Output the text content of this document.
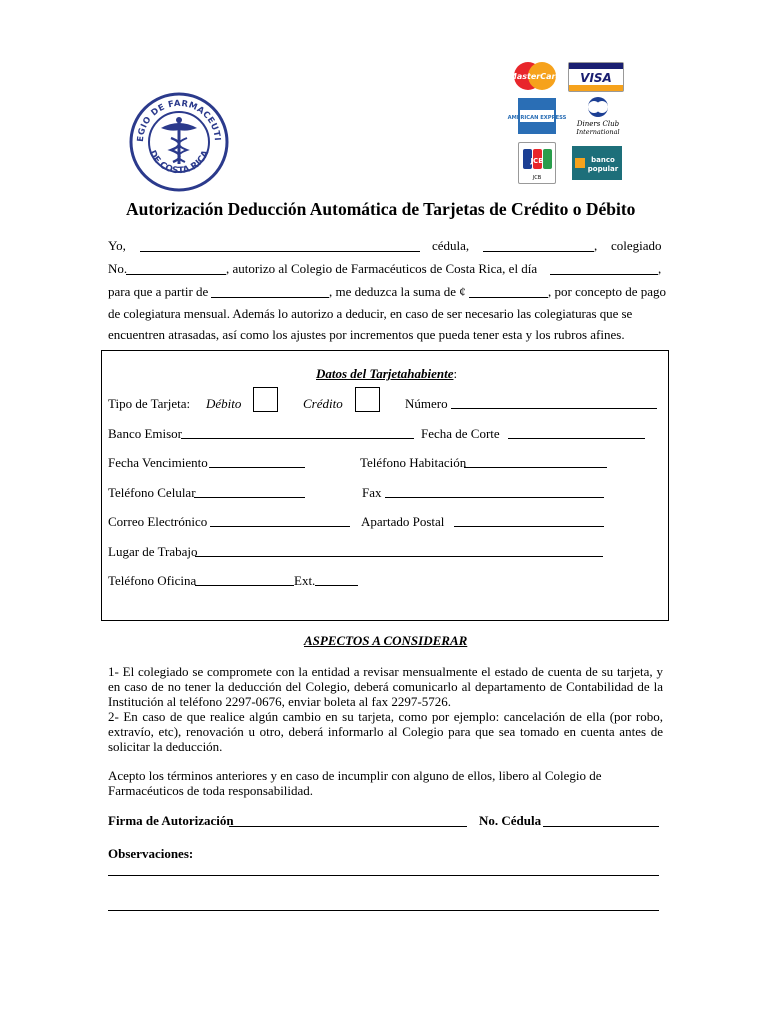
EGIO DE FARMACEUTI
DE COSTA RICA
MasterCard VISA
AMERICAN EXPRESS
Diners Club
International
JCB
JCB
banco
popular
Autorización Deducción Automática de Tarjetas de Crédito o Débito
Yo,	cédula,	, colegiado
No.	, autorizo al Colegio de Farmacéuticos de Costa Rica, el día	,
para que a partir de	, me deduzca la suma de ¢	, por concepto de pago
de colegiatura mensual. Además lo autorizo a deducir, en caso de ser necesario las colegiaturas que se
encuentren atrasadas, así como los ajustes por incrementos que pueda tener esta y los rubros afines.
Datos del Tarjetahabiente:
Tipo de Tarjeta: Débito	Crédito	Número
Banco Emisor	Fecha de Corte
Fecha Vencimiento	Teléfono Habitación
Teléfono Celular	Fax
Correo Electrónico	Apartado Postal
Lugar de Trabajo
Teléfono Oficina	Ext.
ASPECTOS A CONSIDERAR
1- El colegiado se compromete con la entidad a revisar mensualmente el estado de cuenta de su tarjeta, y en caso de no tener la deducción del Colegio, deberá comunicarlo al departamento de Contabilidad de la Institución al teléfono 2297-0676, enviar boleta al fax 2297-5726.
2- En caso de que realice algún cambio en su tarjeta, como por ejemplo: cancelación de ella (por robo, extravío, etc), renovación u otro, deberá informarlo al Colegio para que sea tomado en cuenta antes de solicitar la deducción.
Acepto los términos anteriores y en caso de incumplir con alguno de ellos, libero al Colegio de Farmacéuticos de toda responsabilidad.
Firma de Autorización	No. Cédula
Observaciones:
